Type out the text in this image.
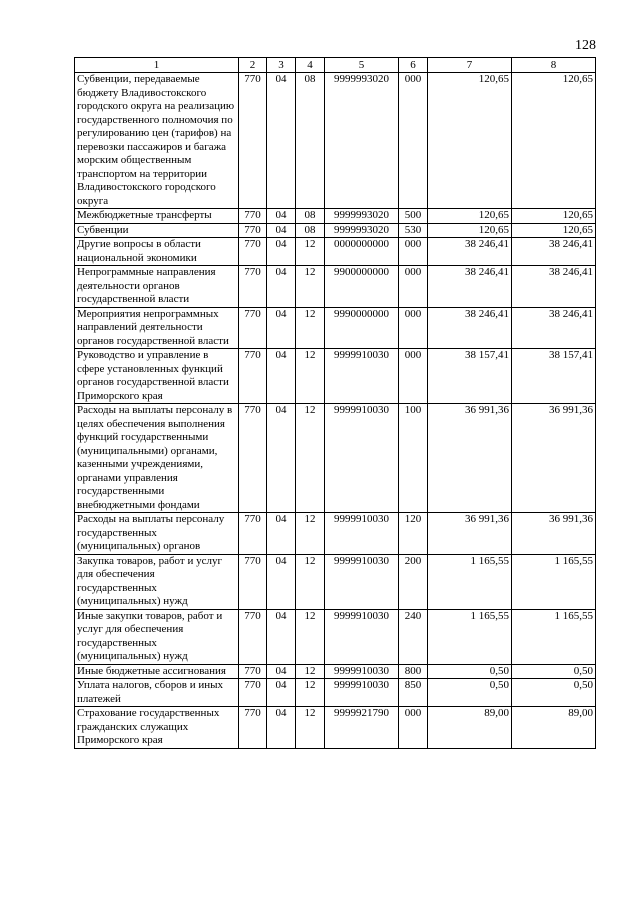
128
1	2	3	4	5	6	7	8
Субвенции, передаваемые бюджету Владивостокского городского округа на реализацию государственного полномочия по регулированию цен (тарифов) на перевозки пассажиров и багажа морским общественным транспортом на территории Владивостокского городского округа	770	04	08	9999993020	000	120,65	120,65
Межбюджетные трансферты	770	04	08	9999993020	500	120,65	120,65
Субвенции	770	04	08	9999993020	530	120,65	120,65
Другие вопросы в области национальной экономики	770	04	12	0000000000	000	38 246,41	38 246,41
Непрограммные направления деятельности органов государственной власти	770	04	12	9900000000	000	38 246,41	38 246,41
Мероприятия непрограммных направлений деятельности органов государственной власти	770	04	12	9990000000	000	38 246,41	38 246,41
Руководство и управление в сфере установленных функций органов государственной власти Приморского края	770	04	12	9999910030	000	38 157,41	38 157,41
Расходы на выплаты персоналу в целях обеспечения выполнения функций государственными (муниципальными) органами, казенными учреждениями, органами управления государственными внебюджетными фондами	770	04	12	9999910030	100	36 991,36	36 991,36
Расходы на выплаты персоналу государственных (муниципальных) органов	770	04	12	9999910030	120	36 991,36	36 991,36
Закупка товаров, работ и услуг для обеспечения государственных (муниципальных) нужд	770	04	12	9999910030	200	1 165,55	1 165,55
Иные закупки товаров, работ и услуг для обеспечения государственных (муниципальных) нужд	770	04	12	9999910030	240	1 165,55	1 165,55
Иные бюджетные ассигнования	770	04	12	9999910030	800	0,50	0,50
Уплата налогов, сборов и иных платежей	770	04	12	9999910030	850	0,50	0,50
Страхование государственных гражданских служащих Приморского края	770	04	12	9999921790	000	89,00	89,00
